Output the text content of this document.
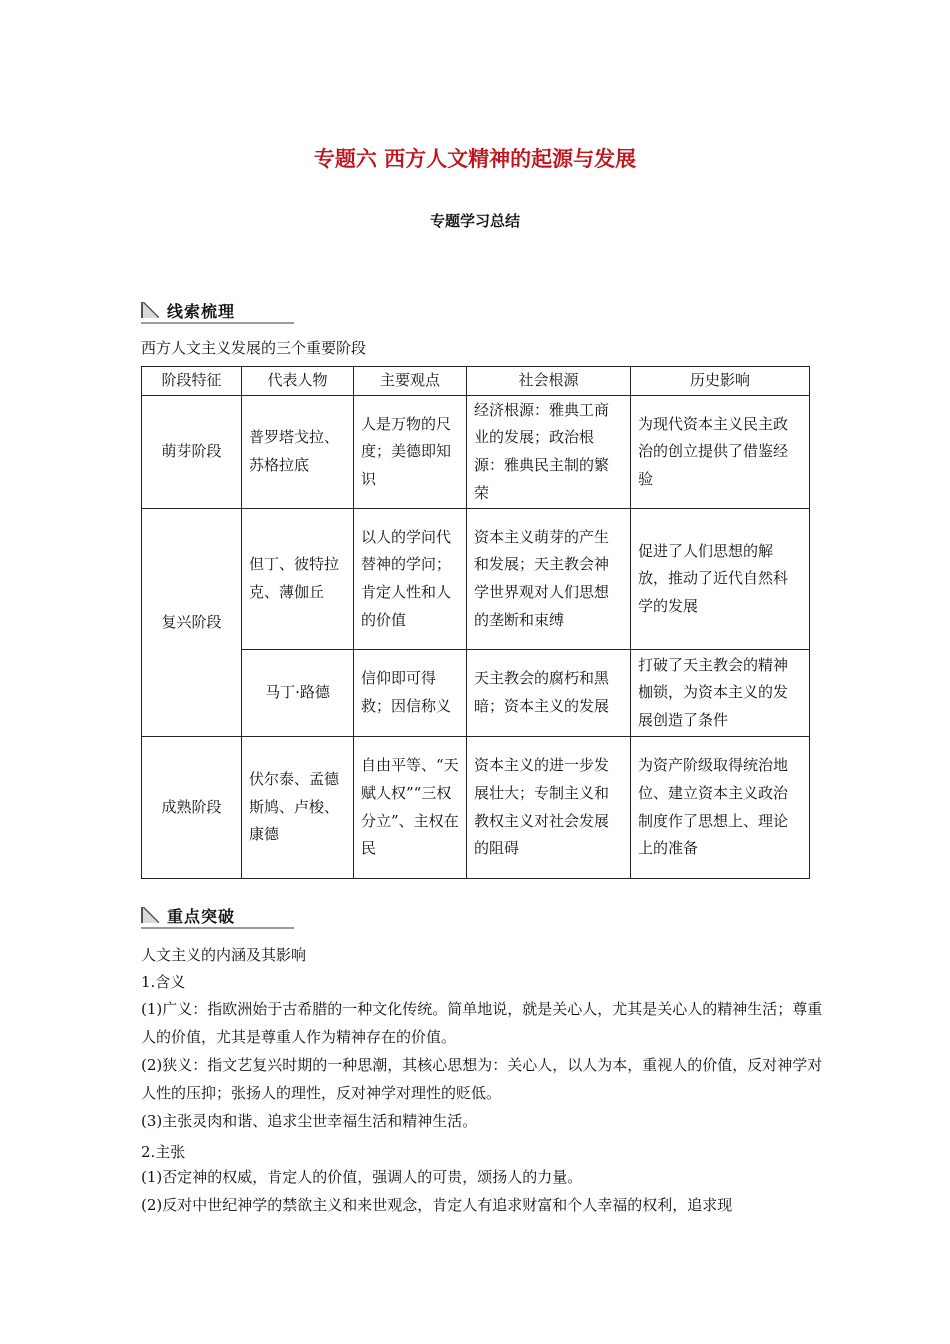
专题六 西方人文精神的起源与发展
专题学习总结
线索梳理
西方人文主义发展的三个重要阶段
阶段特征	代表人物	主要观点	社会根源	历史影响
萌芽阶段	普罗塔戈拉、苏格拉底	人是万物的尺度；美德即知识	经济根源：雅典工商业的发展；政治根源：雅典民主制的繁荣	为现代资本主义民主政治的创立提供了借鉴经验
复兴阶段	但丁、彼特拉克、薄伽丘	以人的学问代替神的学问；肯定人性和人的价值	资本主义萌芽的产生和发展；天主教会神学世界观对人们思想的垄断和束缚	促进了人们思想的解放，推动了近代自然科学的发展
	马丁·路德	信仰即可得救；因信称义	天主教会的腐朽和黑暗；资本主义的发展	打破了天主教会的精神枷锁，为资本主义的发展创造了条件
成熟阶段	伏尔泰、孟德斯鸠、卢梭、康德	自由平等、“天赋人权”“三权分立”、主权在民	资本主义的进一步发展壮大；专制主义和教权主义对社会发展的阻碍	为资产阶级取得统治地位、建立资本主义政治制度作了思想上、理论上的准备
重点突破
人文主义的内涵及其影响
1.含义
(1)广义：指欧洲始于古希腊的一种文化传统。简单地说，就是关心人，尤其是关心人的精神生活；尊重人的价值，尤其是尊重人作为精神存在的价值。
(2)狭义：指文艺复兴时期的一种思潮，其核心思想为：关心人，以人为本，重视人的价值，反对神学对人性的压抑；张扬人的理性，反对神学对理性的贬低。
(3)主张灵肉和谐、追求尘世幸福生活和精神生活。
2.主张
(1)否定神的权威，肯定人的价值，强调人的可贵，颂扬人的力量。
(2)反对中世纪神学的禁欲主义和来世观念，肯定人有追求财富和个人幸福的权利，追求现
